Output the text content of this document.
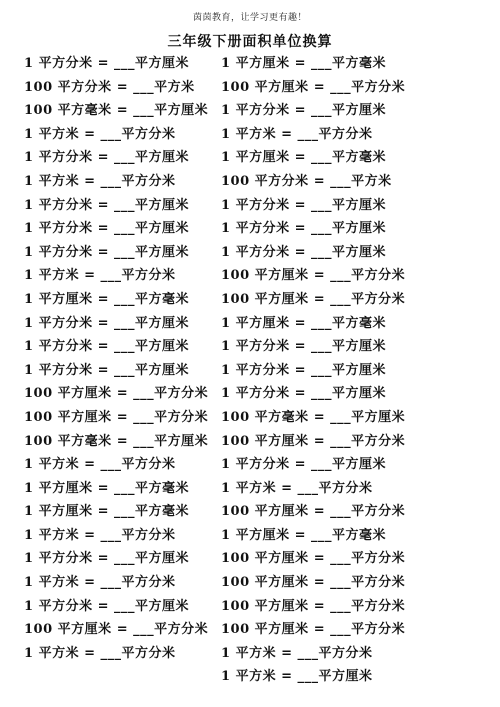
茵茵教育，让学习更有趣！
三年级下册面积单位换算
1 平方分米 = ___平方厘米
100 平方分米 = ___平方米
100 平方毫米 = ___平方厘米
1 平方米 = ___平方分米
1 平方分米 = ___平方厘米
1 平方米 = ___平方分米
1 平方分米 = ___平方厘米
1 平方分米 = ___平方厘米
1 平方分米 = ___平方厘米
1 平方米 = ___平方分米
1 平方厘米 = ___平方毫米
1 平方分米 = ___平方厘米
1 平方分米 = ___平方厘米
1 平方分米 = ___平方厘米
100 平方厘米 = ___平方分米
100 平方厘米 = ___平方分米
100 平方毫米 = ___平方厘米
1 平方米 = ___平方分米
1 平方厘米 = ___平方毫米
1 平方厘米 = ___平方毫米
1 平方米 = ___平方分米
1 平方分米 = ___平方厘米
1 平方米 = ___平方分米
1 平方分米 = ___平方厘米
100 平方厘米 = ___平方分米
1 平方米 = ___平方分米
1 平方厘米 = ___平方毫米
100 平方厘米 = ___平方分米
1 平方分米 = ___平方厘米
1 平方米 = ___平方分米
1 平方厘米 = ___平方毫米
100 平方分米 = ___平方米
1 平方分米 = ___平方厘米
1 平方分米 = ___平方厘米
1 平方分米 = ___平方厘米
100 平方厘米 = ___平方分米
100 平方厘米 = ___平方分米
1 平方厘米 = ___平方毫米
1 平方分米 = ___平方厘米
1 平方分米 = ___平方厘米
1 平方分米 = ___平方厘米
100 平方毫米 = ___平方厘米
100 平方厘米 = ___平方分米
1 平方分米 = ___平方厘米
1 平方米 = ___平方分米
100 平方厘米 = ___平方分米
1 平方厘米 = ___平方毫米
100 平方厘米 = ___平方分米
100 平方厘米 = ___平方分米
100 平方厘米 = ___平方分米
100 平方厘米 = ___平方分米
1 平方米 = ___平方分米
1 平方米 = ___平方厘米
